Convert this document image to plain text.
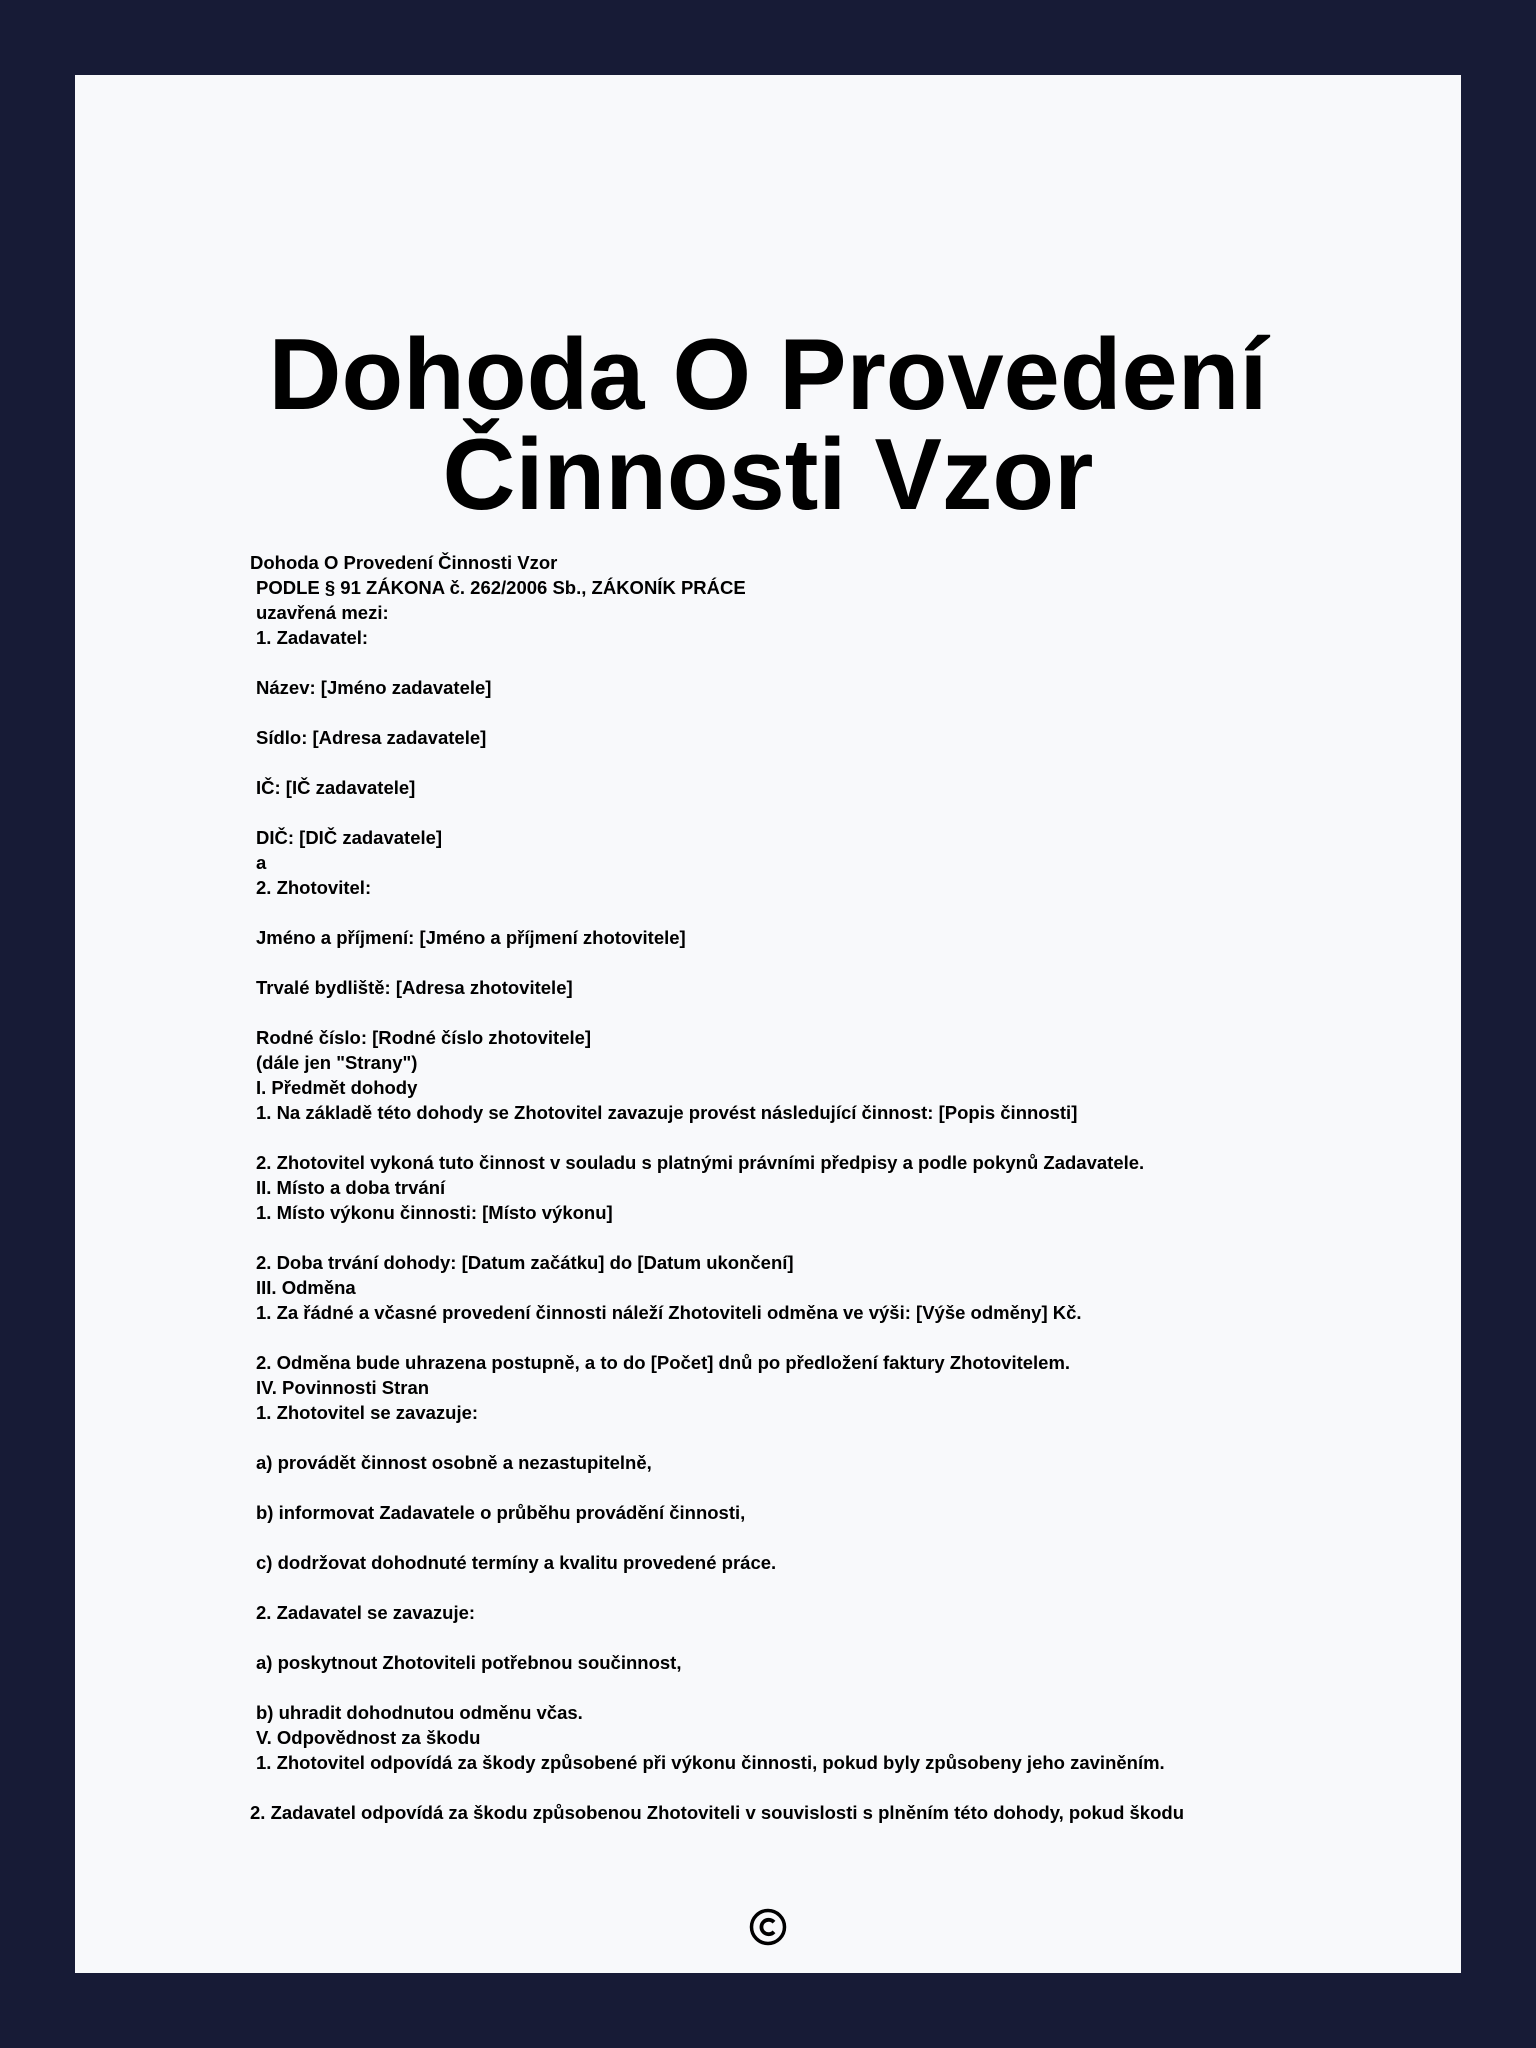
Dohoda O Provedení
Činnosti Vzor
Dohoda O Provedení Činnosti Vzor
PODLE § 91 ZÁKONA č. 262/2006 Sb., ZÁKONÍK PRÁCE
uzavřená mezi:
1. Zadavatel:
Název: [Jméno zadavatele]
Sídlo: [Adresa zadavatele]
IČ: [IČ zadavatele]
DIČ: [DIČ zadavatele]
a
2. Zhotovitel:
Jméno a příjmení: [Jméno a příjmení zhotovitele]
Trvalé bydliště: [Adresa zhotovitele]
Rodné číslo: [Rodné číslo zhotovitele]
(dále jen "Strany")
I. Předmět dohody
1. Na základě této dohody se Zhotovitel zavazuje provést následující činnost: [Popis činnosti]
2. Zhotovitel vykoná tuto činnost v souladu s platnými právními předpisy a podle pokynů Zadavatele.
II. Místo a doba trvání
1. Místo výkonu činnosti: [Místo výkonu]
2. Doba trvání dohody: [Datum začátku] do [Datum ukončení]
III. Odměna
1. Za řádné a včasné provedení činnosti náleží Zhotoviteli odměna ve výši: [Výše odměny] Kč.
2. Odměna bude uhrazena postupně, a to do [Počet] dnů po předložení faktury Zhotovitelem.
IV. Povinnosti Stran
1. Zhotovitel se zavazuje:
a) provádět činnost osobně a nezastupitelně,
b) informovat Zadavatele o průběhu provádění činnosti,
c) dodržovat dohodnuté termíny a kvalitu provedené práce.
2. Zadavatel se zavazuje:
a) poskytnout Zhotoviteli potřebnou součinnost,
b) uhradit dohodnutou odměnu včas.
V. Odpovědnost za škodu
1. Zhotovitel odpovídá za škody způsobené při výkonu činnosti, pokud byly způsobeny jeho zaviněním.
2. Zadavatel odpovídá za škodu způsobenou Zhotoviteli v souvislosti s plněním této dohody, pokud škodu
